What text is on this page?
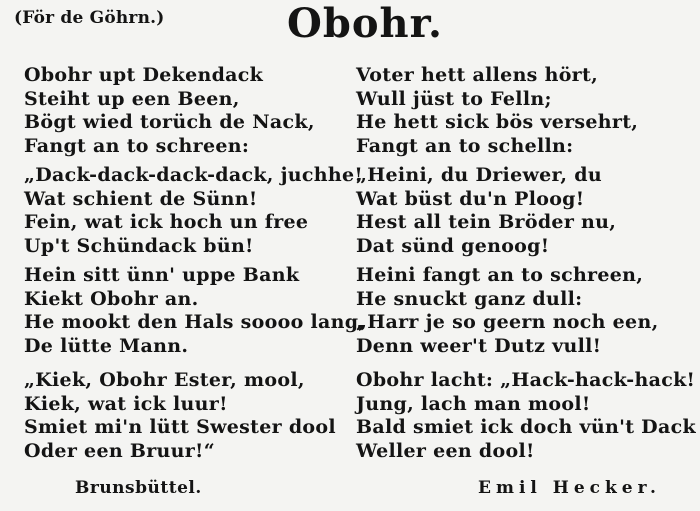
(För de Göhrn.)	Obohr.
Obohr upt Dekendack
Steiht up een Been,
Bögt wied torüch de Nack,
Fangt an to schreen:
„Dack-dack-dack-dack, juchhe!
Wat schient de Sünn!
Fein, wat ick hoch un free
Up't Schündack bün!
Hein sitt ünn' uppe Bank
Kiekt Obohr an.
He mookt den Hals soooo lang,
De lütte Mann.
„Kiek, Obohr Ester, mool,
Kiek, wat ick luur!
Smiet mi'n lütt Swester dool
Oder een Bruur!“
Voter hett allens hört,
Wull jüst to Felln;
He hett sick bös versehrt,
Fangt an to schelln:
„Heini, du Driewer, du
Wat büst du'n Ploog!
Hest all tein Bröder nu,
Dat sünd genoog!
Heini fangt an to schreen,
He snuckt ganz dull:
„Harr je so geern noch een,
Denn weer't Dutz vull!
Obohr lacht: „Hack-hack-hack!
Jung, lach man mool!
Bald smiet ick doch vün't Dack
Weller een dool!
Brunsbüttel.	Emil Hecker.
